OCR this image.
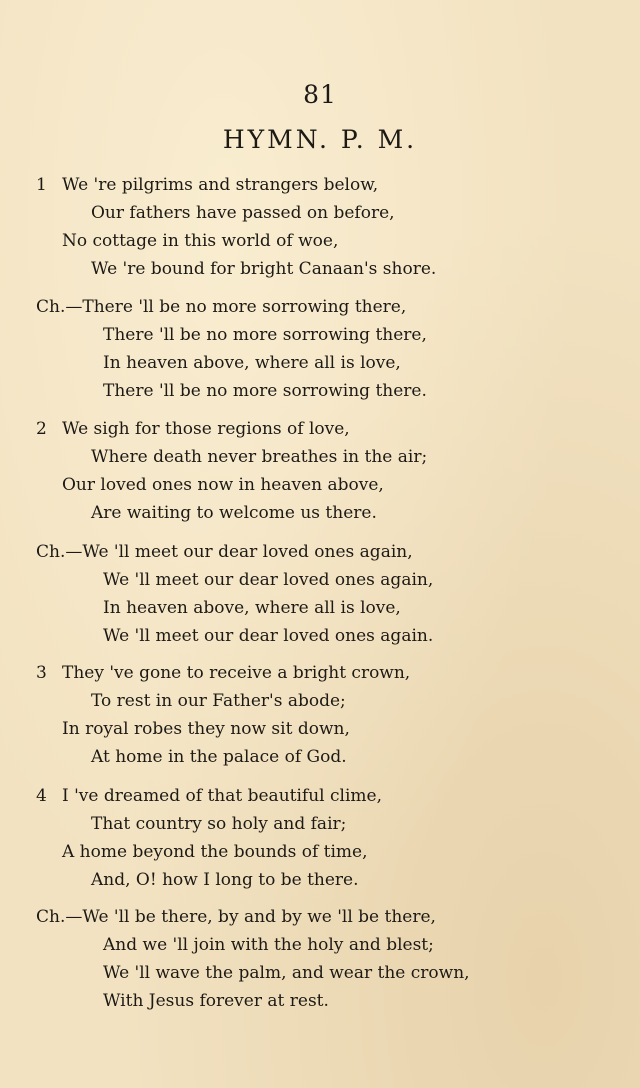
81
HYMN. P. M.
1 We 're pilgrims and strangers below,
Our fathers have passed on before,
No cottage in this world of woe,
We 're bound for bright Canaan's shore.
Ch.—There 'll be no more sorrowing there,
There 'll be no more sorrowing there,
In heaven above, where all is love,
There 'll be no more sorrowing there.
2 We sigh for those regions of love,
Where death never breathes in the air;
Our loved ones now in heaven above,
Are waiting to welcome us there.
Ch.—We 'll meet our dear loved ones again,
We 'll meet our dear loved ones again,
In heaven above, where all is love,
We 'll meet our dear loved ones again.
3 They 've gone to receive a bright crown,
To rest in our Father's abode;
In royal robes they now sit down,
At home in the palace of God.
4 I 've dreamed of that beautiful clime,
That country so holy and fair;
A home beyond the bounds of time,
And, O! how I long to be there.
Ch.—We 'll be there, by and by we 'll be there,
And we 'll join with the holy and blest;
We 'll wave the palm, and wear the crown,
With Jesus forever at rest.
